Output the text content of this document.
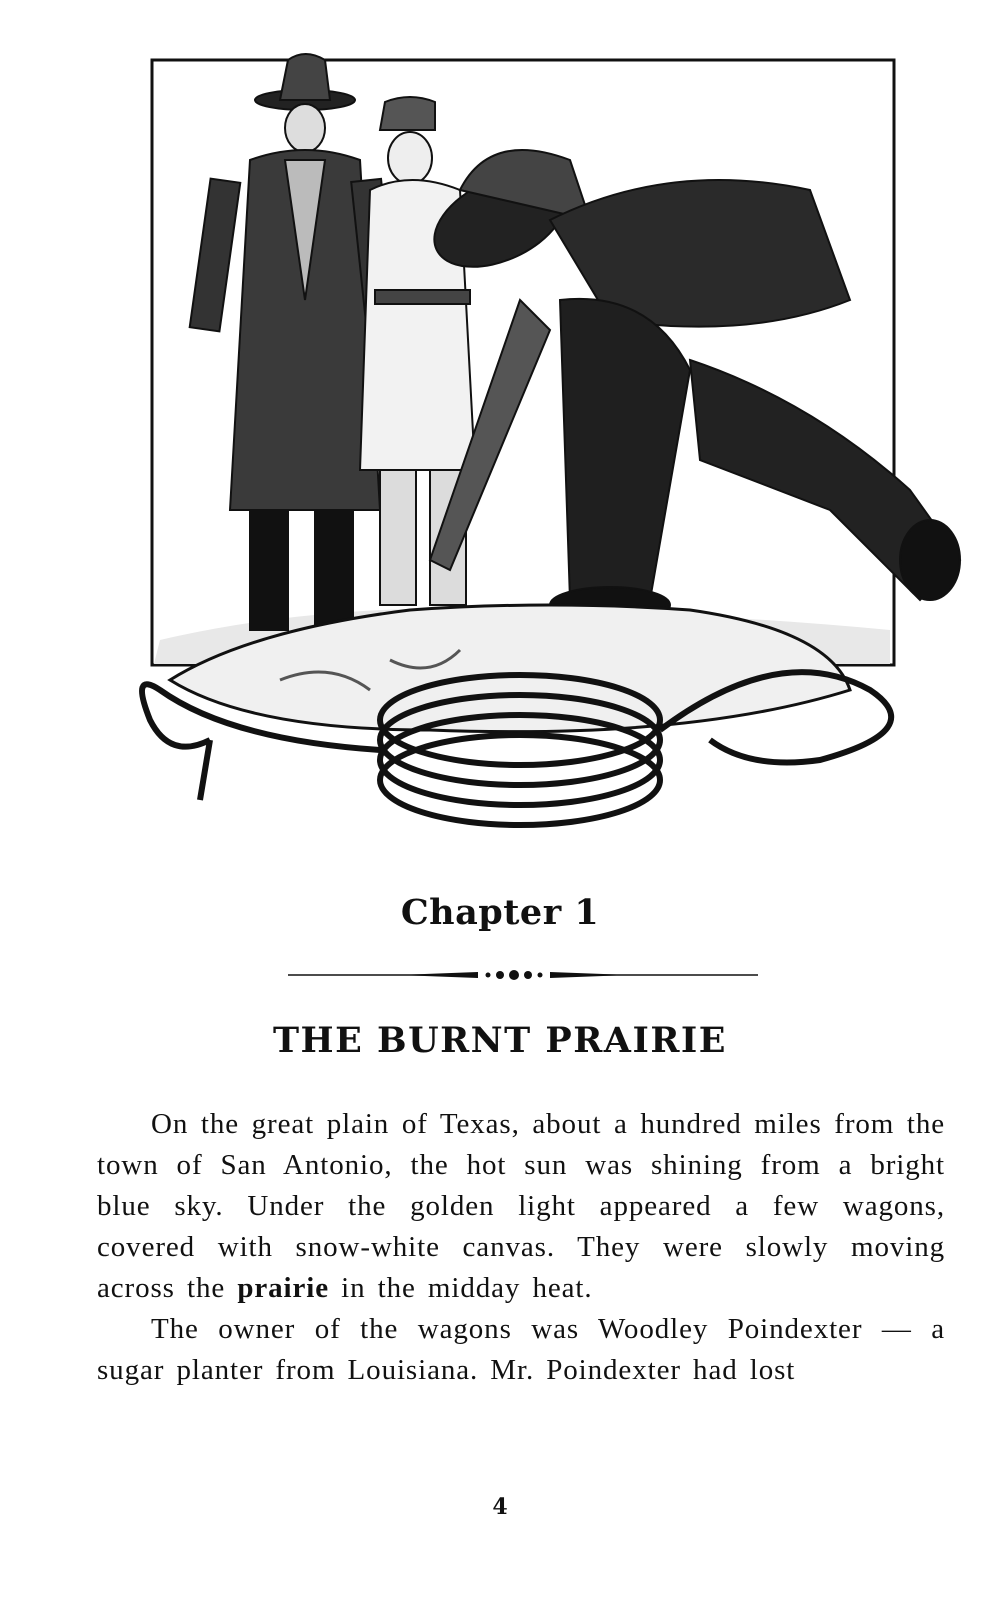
Chapter 1
THE BURNT PRAIRIE

On the great plain of Texas, about a hundred miles from the town of San Antonio, the hot sun was shining from a bright blue sky. Under the golden light appeared a few wagons, covered with snow-white canvas. They were slowly moving across the prairie in the midday heat.

The owner of the wagons was Woodley Poindexter — a sugar planter from Louisiana. Mr. Poindexter had lost

4
